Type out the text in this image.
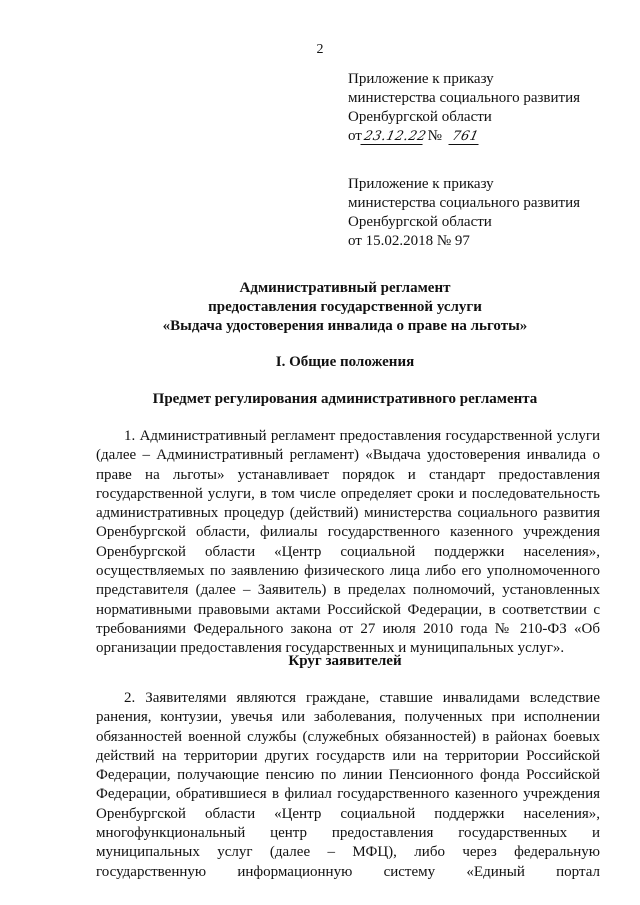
2
Приложение к приказу
министерства социального развития
Оренбургской области
от23.12.22 № 761
Приложение к приказу
министерства социального развития
Оренбургской области
от 15.02.2018 № 97
Административный регламент
предоставления государственной услуги
«Выдача удостоверения инвалида о праве на льготы»
I. Общие положения
Предмет регулирования административного регламента
1. Административный регламент предоставления государственной услуги
(далее – Административный регламент) «Выдача удостоверения инвалида о
праве на льготы» устанавливает порядок и стандарт предоставления
государственной услуги, в том числе определяет сроки и последовательность
административных процедур (действий) министерства социального развития
Оренбургской области, филиалы государственного казенного учреждения
Оренбургской области «Центр социальной поддержки населения»,
осуществляемых по заявлению физического лица либо его уполномоченного
представителя (далее – Заявитель) в пределах полномочий, установленных
нормативными правовыми актами Российской Федерации, в соответствии с
требованиями Федерального закона от 27 июля 2010 года № 210-ФЗ «Об
организации предоставления государственных и муниципальных услуг».
Круг заявителей
2. Заявителями являются граждане, ставшие инвалидами вследствие
ранения, контузии, увечья или заболевания, полученных при исполнении
обязанностей военной службы (служебных обязанностей) в районах боевых
действий на территории других государств или на территории Российской
Федерации, получающие пенсию по линии Пенсионного фонда Российской
Федерации, обратившиеся в филиал государственного казенного учреждения
Оренбургской области «Центр социальной поддержки населения»,
многофункциональный центр предоставления государственных и
муниципальных услуг (далее – МФЦ), либо через федеральную
государственную информационную систему «Единый портал
